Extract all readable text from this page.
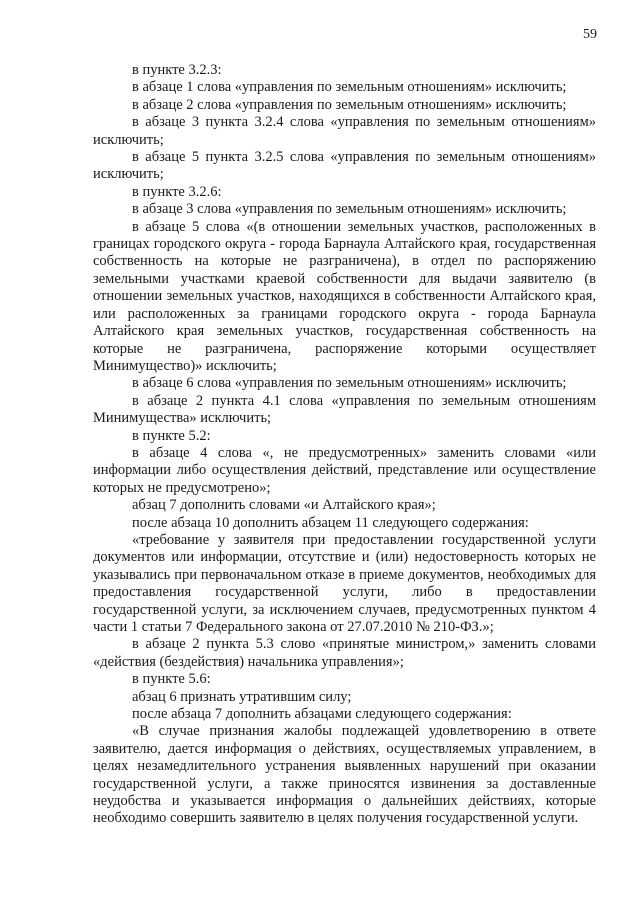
59

в пункте 3.2.3:

в абзаце 1 слова «управления по земельным отношениям» исключить;

в абзаце 2 слова «управления по земельным отношениям» исключить;

в абзаце 3 пункта 3.2.4 слова «управления по земельным отношениям» исключить;

в абзаце 5 пункта 3.2.5 слова «управления по земельным отношениям» исключить;

в пункте 3.2.6:

в абзаце 3 слова «управления по земельным отношениям» исключить;

в абзаце 5 слова «(в отношении земельных участков, расположенных в границах городского округа - города Барнаула Алтайского края, государственная собственность на которые не разграничена), в отдел по распоряжению земельными участками краевой собственности для выдачи заявителю (в отношении земельных участков, находящихся в собственности Алтайского края, или расположенных за границами городского округа - города Барнаула Алтайского края земельных участков, государственная собственность на которые не разграничена, распоряжение которыми осуществляет Минимущество)» исключить;

в абзаце 6 слова «управления по земельным отношениям» исключить;

в абзаце 2 пункта 4.1 слова «управления по земельным отношениям Минимущества» исключить;

в пункте 5.2:

в абзаце 4 слова «, не предусмотренных» заменить словами «или информации либо осуществления действий, представление или осуществление которых не предусмотрено»;

абзац 7 дополнить словами «и Алтайского края»;

после абзаца 10 дополнить абзацем 11 следующего содержания:

«требование у заявителя при предоставлении государственной услуги документов или информации, отсутствие и (или) недостоверность которых не указывались при первоначальном отказе в приеме документов, необходимых для предоставления государственной услуги, либо в предоставлении государственной услуги, за исключением случаев, предусмотренных пунктом 4 части 1 статьи 7 Федерального закона от 27.07.2010 № 210-ФЗ.»;

в абзаце 2 пункта 5.3 слово «принятые министром,» заменить словами «действия (бездействия) начальника управления»;

в пункте 5.6:

абзац 6 признать утратившим силу;

после абзаца 7 дополнить абзацами следующего содержания:

«В случае признания жалобы подлежащей удовлетворению в ответе заявителю, дается информация о действиях, осуществляемых управлением, в целях незамедлительного устранения выявленных нарушений при оказании государственной услуги, а также приносятся извинения за доставленные неудобства и указывается информация о дальнейших действиях, которые необходимо совершить заявителю в целях получения государственной услуги.
